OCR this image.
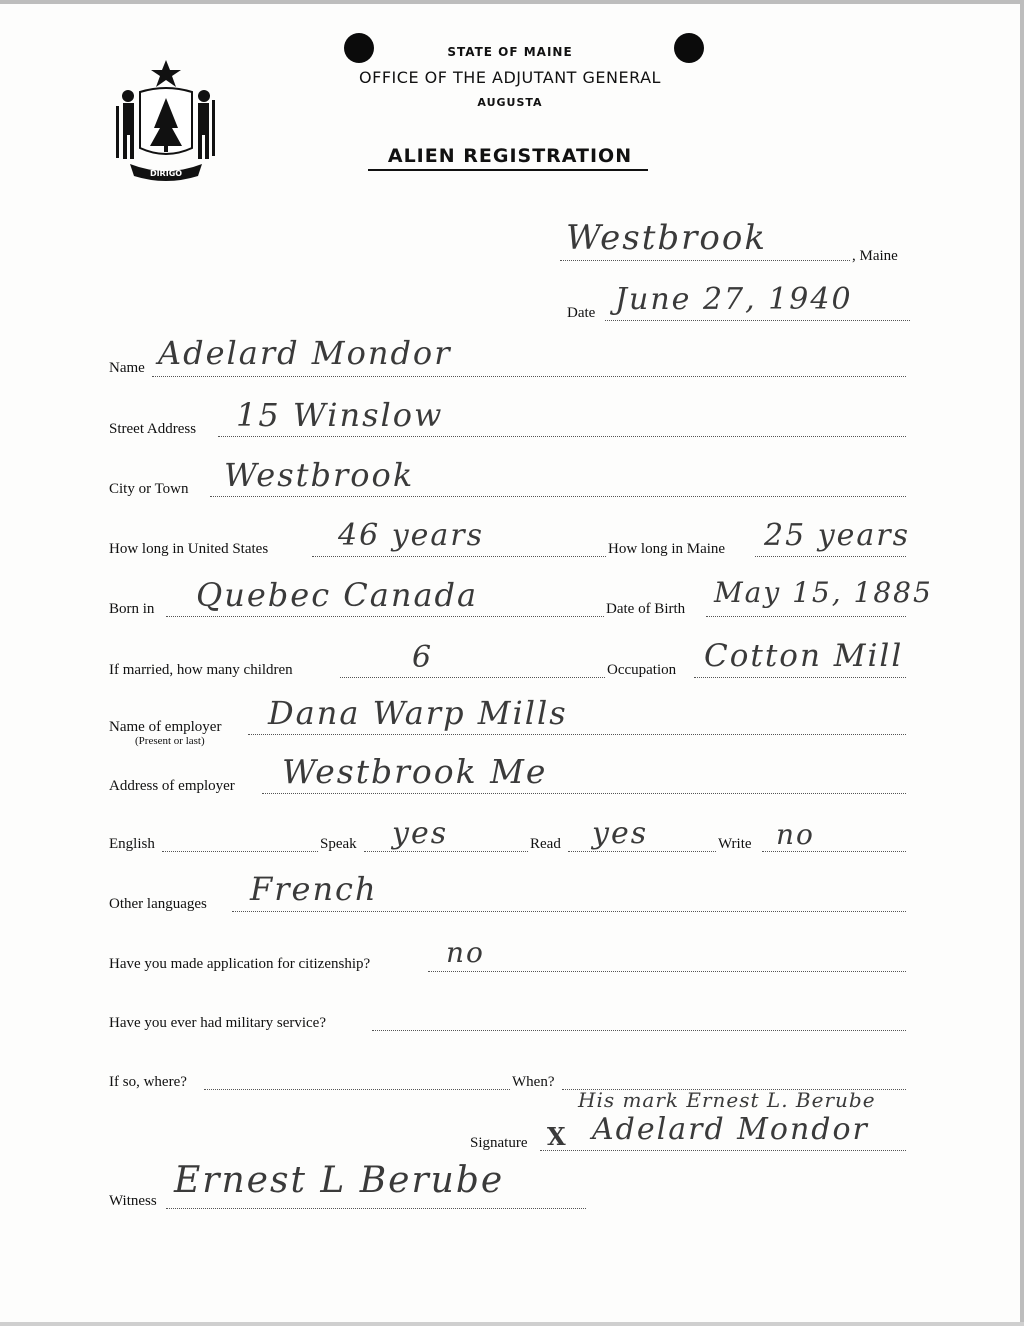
DIRIGO
STATE OF MAINE
OFFICE OF THE ADJUTANT GENERAL
AUGUSTA
ALIEN REGISTRATION
Westbrook	, Maine
Date June 27, 1940
Name Adelard Mondor
Street Address 15 Winslow
City or Town Westbrook
How long in United States 46 years	How long in Maine 25 years
Born in Quebec Canada	Date of Birth May 15, 1885
If married, how many children	6	Occupation Cotton Mill
Name of employer
(Present or last)
Dana Warp Mills
Address of employer Westbrook Me
English	Speak yes	Read yes	Write no
Other languages French
Have you made application for citizenship?	no
Have you ever had military service?
If so, where?	When?
His mark Ernest L. Berube
Signature X Adelard Mondor
Witness Ernest L Berube
